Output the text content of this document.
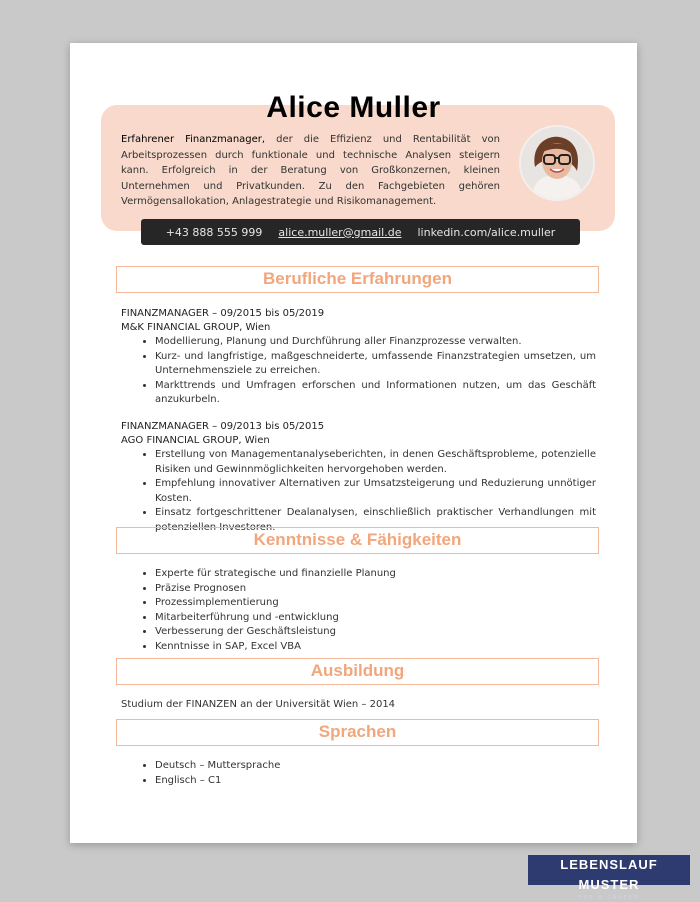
Erfahrener Finanzmanager, der die Effizienz und Rentabilität von Arbeitsprozessen durch funktionale und technische Analysen steigern kann. Erfolgreich in der Beratung von Großkonzernen, kleinen Unternehmen und Privatkunden. Zu den Fachgebieten gehören Vermögensallokation, Anlagestrategie und Risikomanagement.
Alice Muller
+43 888 555 999 alice.muller@gmail.de linkedin.com/alice.muller
Berufliche Erfahrungen
FINANZMANAGER – 09/2015 bis 05/2019
M&K FINANCIAL GROUP, Wien
• Modellierung, Planung und Durchführung aller Finanzprozesse verwalten.
• Kurz- und langfristige, maßgeschneiderte, umfassende Finanzstrategien umsetzen, um Unternehmensziele zu erreichen.
• Markttrends und Umfragen erforschen und Informationen nutzen, um das Geschäft anzukurbeln.
FINANZMANAGER – 09/2013 bis 05/2015
AGO FINANCIAL GROUP, Wien
• Erstellung von Managementanalyseberichten, in denen Geschäftsprobleme, potenzielle Risiken und Gewinnmöglichkeiten hervorgehoben werden.
• Empfehlung innovativer Alternativen zur Umsatzsteigerung und Reduzierung unnötiger Kosten.
• Einsatz fortgeschrittener Dealanalysen, einschließlich praktischer Verhandlungen mit potenziellen Investoren.
Kenntnisse & Fähigkeiten
• Experte für strategische und finanzielle Planung
• Präzise Prognosen
• Prozessimplementierung
• Mitarbeiterführung und -entwicklung
• Verbesserung der Geschäftsleistung
• Kenntnisse in SAP, Excel VBA
Ausbildung
Studium der FINANZEN an der Universität Wien – 2014
Sprachen
• Deutsch – Muttersprache
• Englisch – C1
LEBENSLAUF MUSTER
FOR A CAREER
